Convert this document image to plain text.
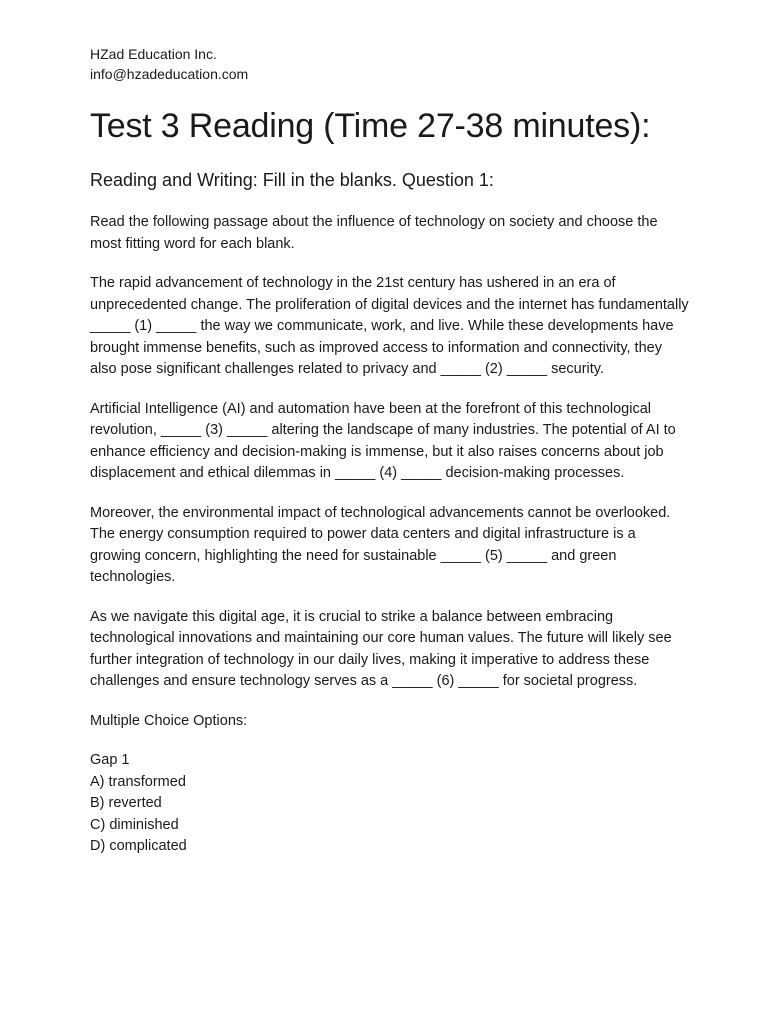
HZad Education Inc.

info@hzadeducation.com

Test 3 Reading (Time 27-38 minutes):
Reading and Writing: Fill in the blanks. Question 1:

Read the following passage about the influence of technology on society and choose the most fitting word for each blank.

The rapid advancement of technology in the 21st century has ushered in an era of unprecedented change. The proliferation of digital devices and the internet has fundamentally _____ (1) _____ the way we communicate, work, and live. While these developments have brought immense benefits, such as improved access to information and connectivity, they also pose significant challenges related to privacy and _____ (2) _____ security.

Artificial Intelligence (AI) and automation have been at the forefront of this technological revolution, _____ (3) _____ altering the landscape of many industries. The potential of AI to enhance efficiency and decision-making is immense, but it also raises concerns about job displacement and ethical dilemmas in _____ (4) _____ decision-making processes.

Moreover, the environmental impact of technological advancements cannot be overlooked. The energy consumption required to power data centers and digital infrastructure is a growing concern, highlighting the need for sustainable _____ (5) _____ and green technologies.

As we navigate this digital age, it is crucial to strike a balance between embracing technological innovations and maintaining our core human values. The future will likely see further integration of technology in our daily lives, making it imperative to address these challenges and ensure technology serves as a _____ (6) _____ for societal progress.

Multiple Choice Options:

Gap 1

A) transformed

B) reverted

C) diminished

D) complicated
